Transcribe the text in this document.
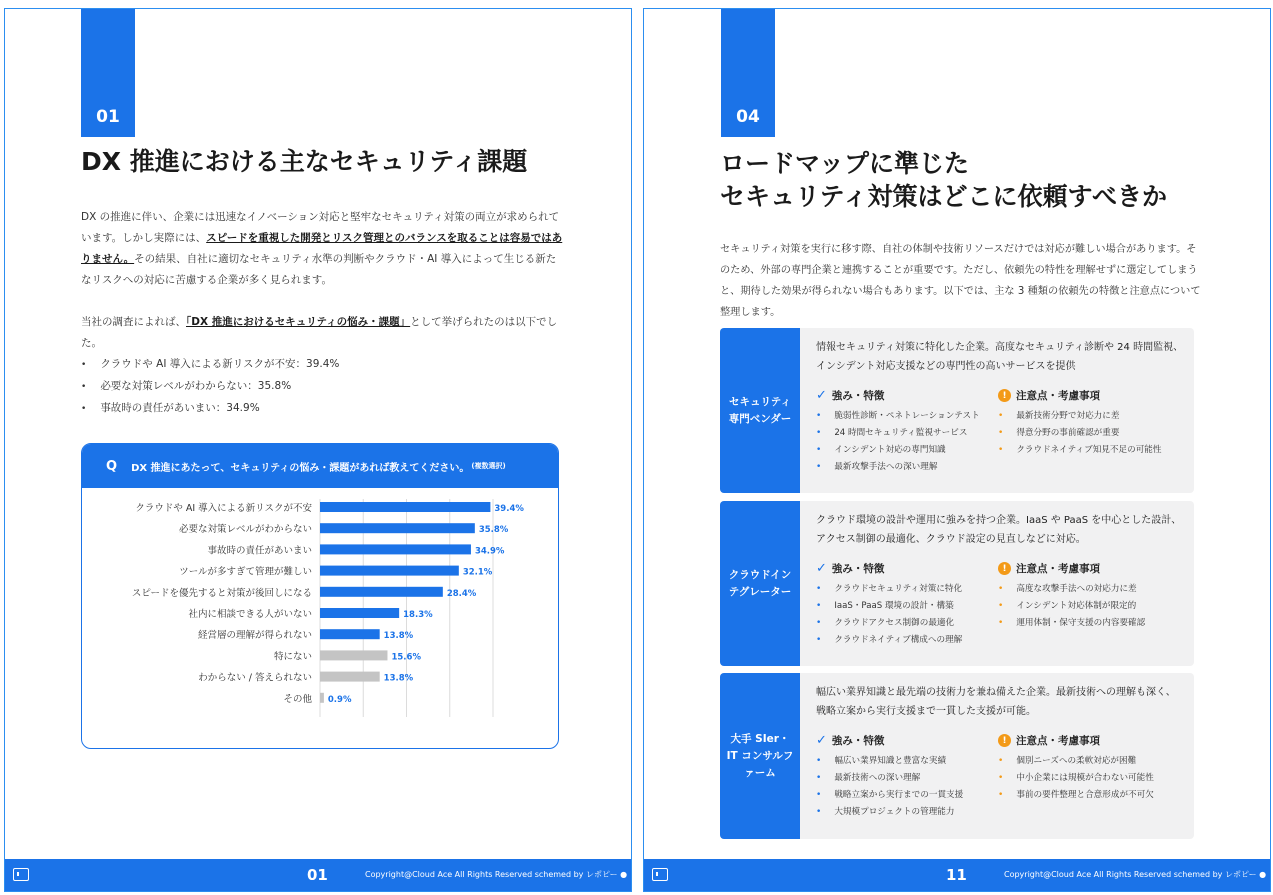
01
DX 推進における主なセキュリティ課題

DX の推進に伴い、企業には迅速なイノベーション対応と堅牢なセキュリティ対策の両立が求められています。しかし実際には、スピードを重視した開発とリスク管理とのバランスを取ることは容易ではありません。その結果、自社に適切なセキュリティ水準の判断やクラウド・AI 導入によって生じる新たなリスクへの対応に苦慮する企業が多く見られます。

当社の調査によれば、「DX 推進におけるセキュリティの悩み・課題」として挙げられたのは以下でした。

• クラウドや AI 導入による新リスクが不安：39.4%
• 必要な対策レベルがわからない：35.8%
• 事故時の責任があいまい：34.9%
Q DX 推進にあたって、セキュリティの悩み・課題があれば教えてください。 (複数選択)
クラウドや AI 導入による新リスクが不安	39.4%
必要な対策レベルがわからない	35.8%
事故時の責任があいまい	34.9%
ツールが多すぎて管理が難しい	32.1%
スピードを優先すると対策が後回しになる	28.4%
社内に相談できる人がいない	18.3%
経営層の理解が得られない	13.8%
特にない	15.6%
わからない / 答えられない	13.8%
その他 0.9%
01	Copyright@Cloud Ace All Rights Reserved schemed by レポピー ●
04
ロードマップに準じた
セキュリティ対策はどこに依頼すべきか

セキュリティ対策を実行に移す際、自社の体制や技術リソースだけでは対応が難しい場合があります。そのため、外部の専門企業と連携することが重要です。ただし、依頼先の特性を理解せずに選定してしまうと、期待した効果が得られない場合もあります。以下では、主な 3 種類の依頼先の特徴と注意点について整理します。

セキュリティ専門ベンダー
情報セキュリティ対策に特化した企業。高度なセキュリティ診断や 24 時間監視、インシデント対応支援などの専門性の高いサービスを提供
✓ 強み・特徴
• 脆弱性診断・ペネトレーションテスト
• 24 時間セキュリティ監視サービス
• インシデント対応の専門知識
• 最新攻撃手法への深い理解
! 注意点・考慮事項
• 最新技術分野で対応力に差
• 得意分野の事前確認が重要
• クラウドネイティブ知見不足の可能性
クラウドインテグレーター
クラウド環境の設計や運用に強みを持つ企業。IaaS や PaaS を中心とした設計、アクセス制御の最適化、クラウド設定の見直しなどに対応。
✓ 強み・特徴
• クラウドセキュリティ対策に特化
• IaaS・PaaS 環境の設計・構築
• クラウドアクセス制御の最適化
• クラウドネイティブ構成への理解
! 注意点・考慮事項
• 高度な攻撃手法への対応力に差
• インシデント対応体制が限定的
• 運用体制・保守支援の内容要確認
大手 SIer・IT コンサルファーム
幅広い業界知識と最先端の技術力を兼ね備えた企業。最新技術への理解も深く、戦略立案から実行支援まで一貫した支援が可能。
✓ 強み・特徴
• 幅広い業界知識と豊富な実績
• 最新技術への深い理解
• 戦略立案から実行までの一貫支援
• 大規模プロジェクトの管理能力
! 注意点・考慮事項
• 個別ニーズへの柔軟対応が困難
• 中小企業には規模が合わない可能性
• 事前の要件整理と合意形成が不可欠
11	Copyright@Cloud Ace All Rights Reserved schemed by レポピー ●
